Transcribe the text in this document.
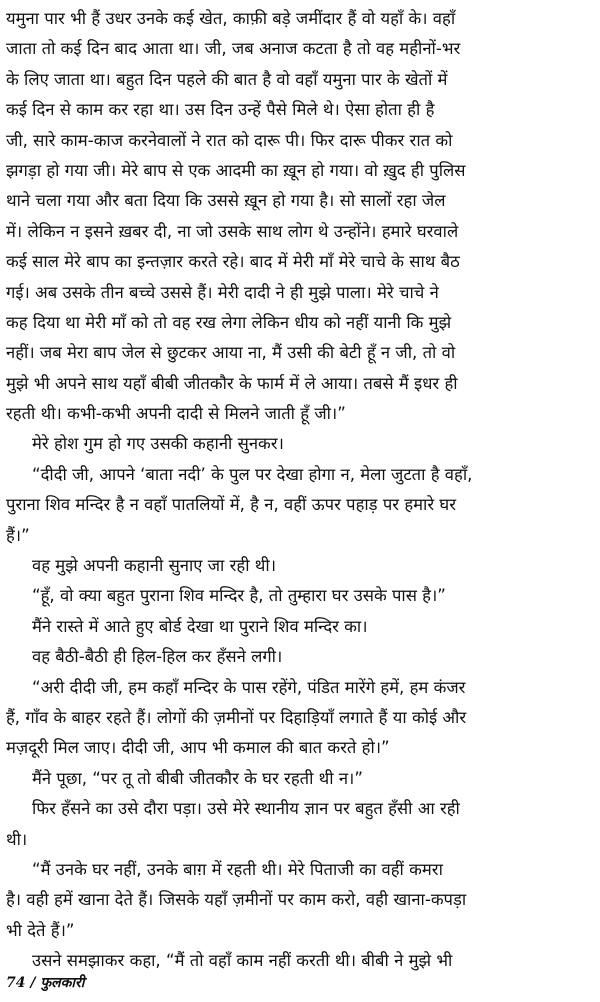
यमुना पार भी हैं उधर उनके कई खेत, काफ़ी बड़े जमींदार हैं वो यहाँ के। वहाँ
जाता तो कई दिन बाद आता था। जी, जब अनाज कटता है तो वह महीनों-भर
के लिए जाता था। बहुत दिन पहले की बात है वो वहाँ यमुना पार के खेतों में
कई दिन से काम कर रहा था। उस दिन उन्हें पैसे मिले थे। ऐसा होता ही है
जी, सारे काम-काज करनेवालों ने रात को दारू पी। फिर दारू पीकर रात को
झगड़ा हो गया जी। मेरे बाप से एक आदमी का ख़ून हो गया। वो ख़ुद ही पुलिस
थाने चला गया और बता दिया कि उससे ख़ून हो गया है। सो सालों रहा जेल
में। लेकिन न इसने ख़बर दी, ना जो उसके साथ लोग थे उन्होंने। हमारे घरवाले
कई साल मेरे बाप का इन्तज़ार करते रहे। बाद में मेरी माँ मेरे चाचे के साथ बैठ
गई। अब उसके तीन बच्चे उससे हैं। मेरी दादी ने ही मुझे पाला। मेरे चाचे ने
कह दिया था मेरी माँ को तो वह रख लेगा लेकिन धीय को नहीं यानी कि मुझे
नहीं। जब मेरा बाप जेल से छुटकर आया ना, मैं उसी की बेटी हूँ न जी, तो वो
मुझे भी अपने साथ यहाँ बीबी जीतकौर के फार्म में ले आया। तबसे मैं इधर ही
रहती थी। कभी-कभी अपनी दादी से मिलने जाती हूँ जी।”
मेरे होश गुम हो गए उसकी कहानी सुनकर।
“दीदी जी, आपने ‘बाता नदी’ के पुल पर देखा होगा न, मेला जुटता है वहाँ,
पुराना शिव मन्दिर है न वहाँ पातलियों में, है न, वहीं ऊपर पहाड़ पर हमारे घर
हैं।”
वह मुझे अपनी कहानी सुनाए जा रही थी।
“हूँ, वो क्या बहुत पुराना शिव मन्दिर है, तो तुम्हारा घर उसके पास है।”
मैंने रास्ते में आते हुए बोर्ड देखा था पुराने शिव मन्दिर का।
वह बैठी-बैठी ही हिल-हिल कर हँसने लगी।
“अरी दीदी जी, हम कहाँ मन्दिर के पास रहेंगे, पंडित मारेंगे हमें, हम कंजर
हैं, गाँव के बाहर रहते हैं। लोगों की ज़मीनों पर दिहाड़ियाँ लगाते हैं या कोई और
मज़दूरी मिल जाए। दीदी जी, आप भी कमाल की बात करते हो।”
मैंने पूछा, “पर तू तो बीबी जीतकौर के घर रहती थी न।”
फिर हँसने का उसे दौरा पड़ा। उसे मेरे स्थानीय ज्ञान पर बहुत हँसी आ रही
थी।
“मैं उनके घर नहीं, उनके बाग़ में रहती थी। मेरे पिताजी का वहीं कमरा
है। वही हमें खाना देते हैं। जिसके यहाँ ज़मीनों पर काम करो, वही खाना-कपड़ा
भी देते हैं।”
उसने समझाकर कहा, “मैं तो वहाँ काम नहीं करती थी। बीबी ने मुझे भी
74 / फुलकारी
